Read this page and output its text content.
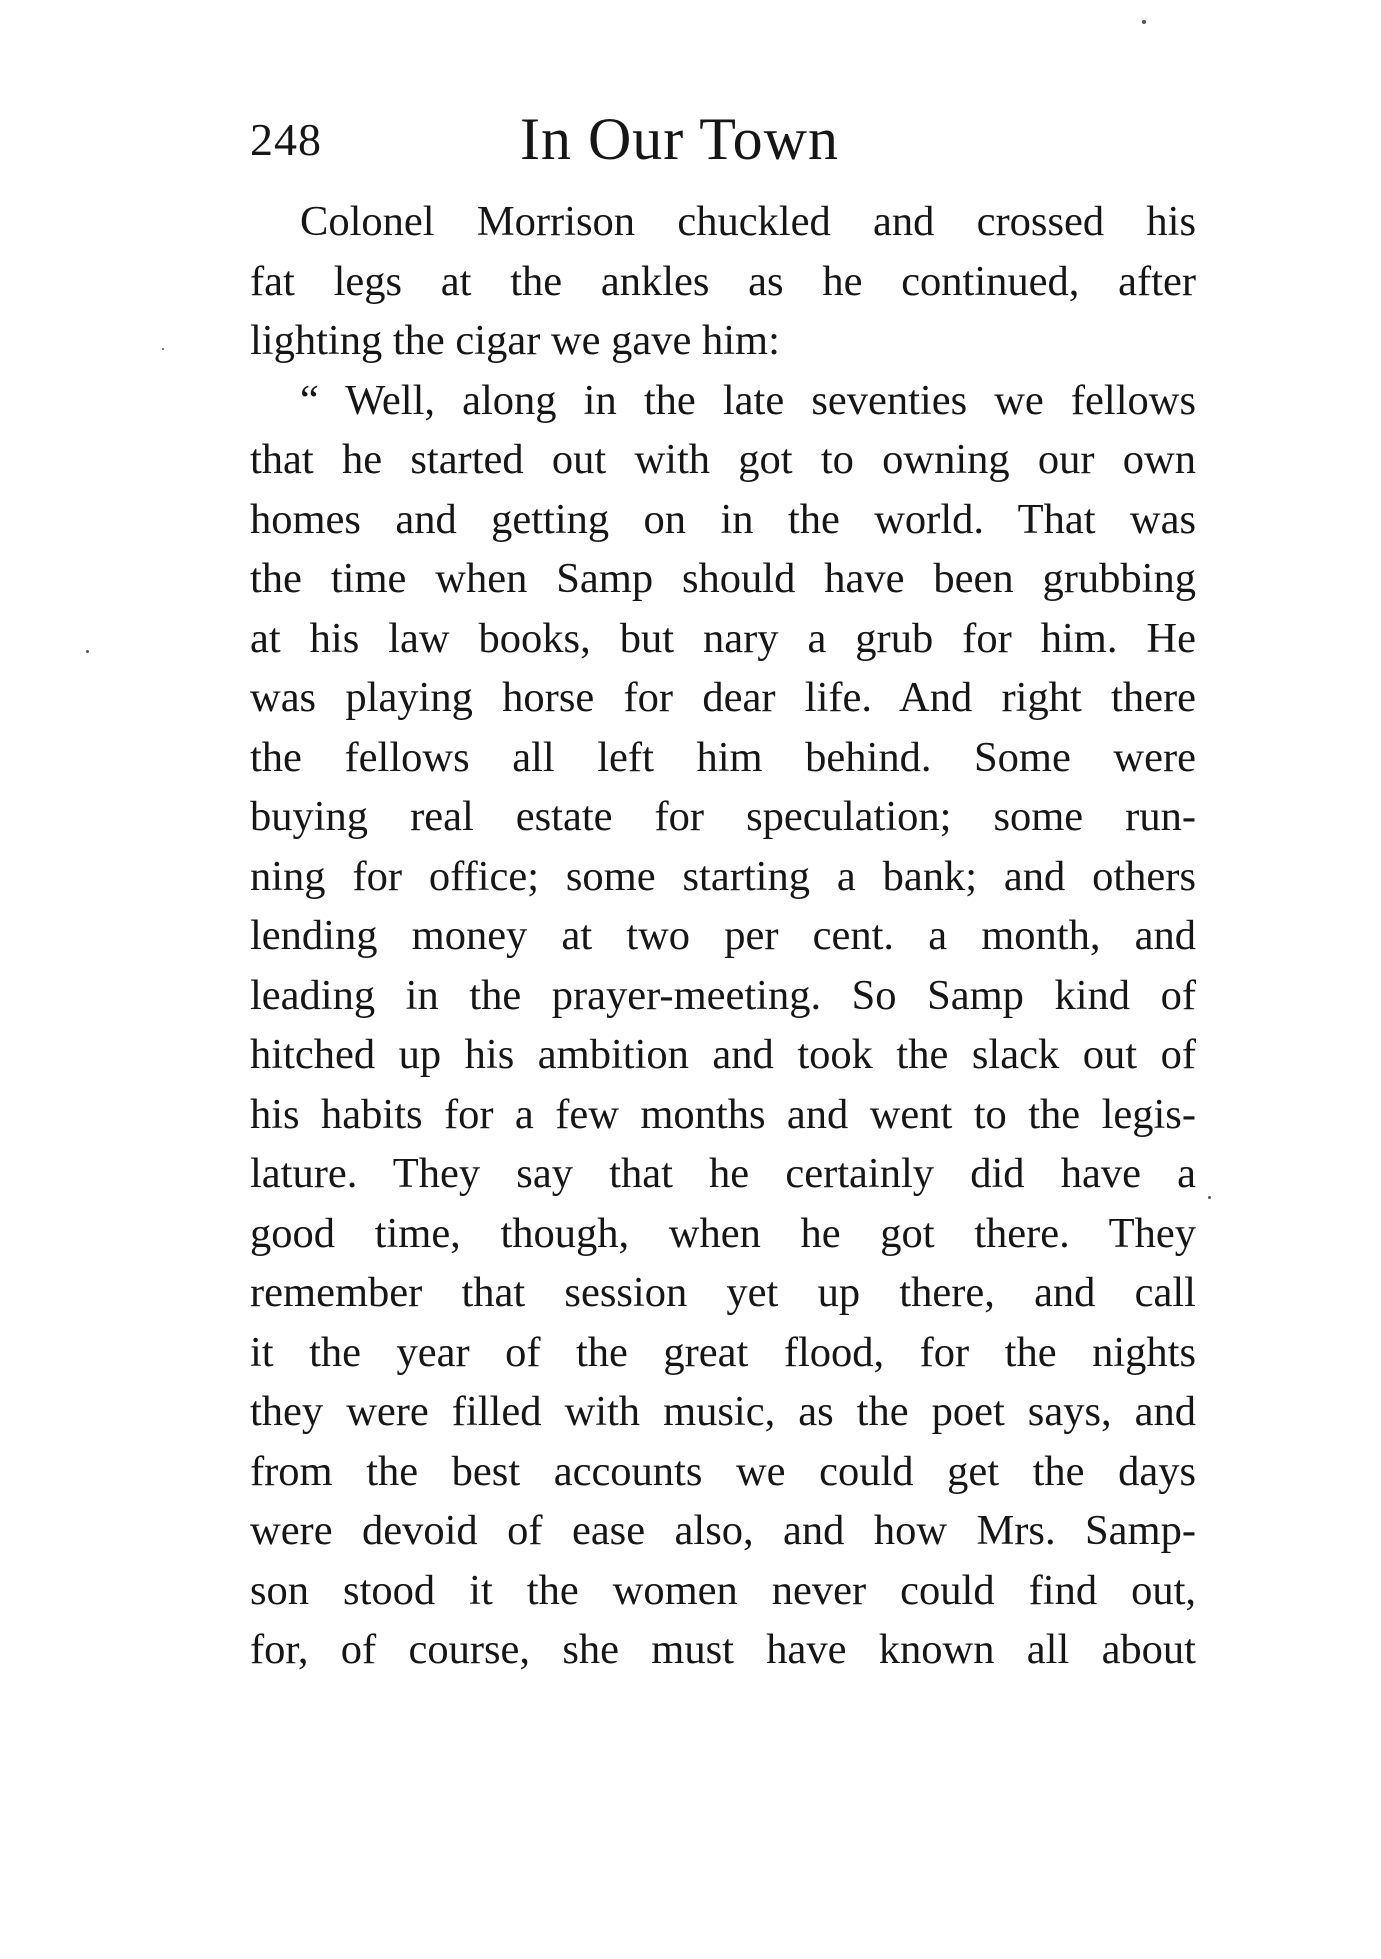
248	In Our Town
Colonel Morrison chuckled and crossed his
fat legs at the ankles as he continued, after
lighting the cigar we gave him:
“ Well, along in the late seventies we fellows
that he started out with got to owning our own
homes and getting on in the world. That was
the time when Samp should have been grubbing
at his law books, but nary a grub for him. He
was playing horse for dear life. And right there
the fellows all left him behind. Some were
buying real estate for speculation; some run-
ning for office; some starting a bank; and others
lending money at two per cent. a month, and
leading in the prayer-meeting. So Samp kind of
hitched up his ambition and took the slack out of
his habits for a few months and went to the legis-
lature. They say that he certainly did have a
good time, though, when he got there. They
remember that session yet up there, and call
it the year of the great flood, for the nights
they were filled with music, as the poet says, and
from the best accounts we could get the days
were devoid of ease also, and how Mrs. Samp-
son stood it the women never could find out,
for, of course, she must have known all about
